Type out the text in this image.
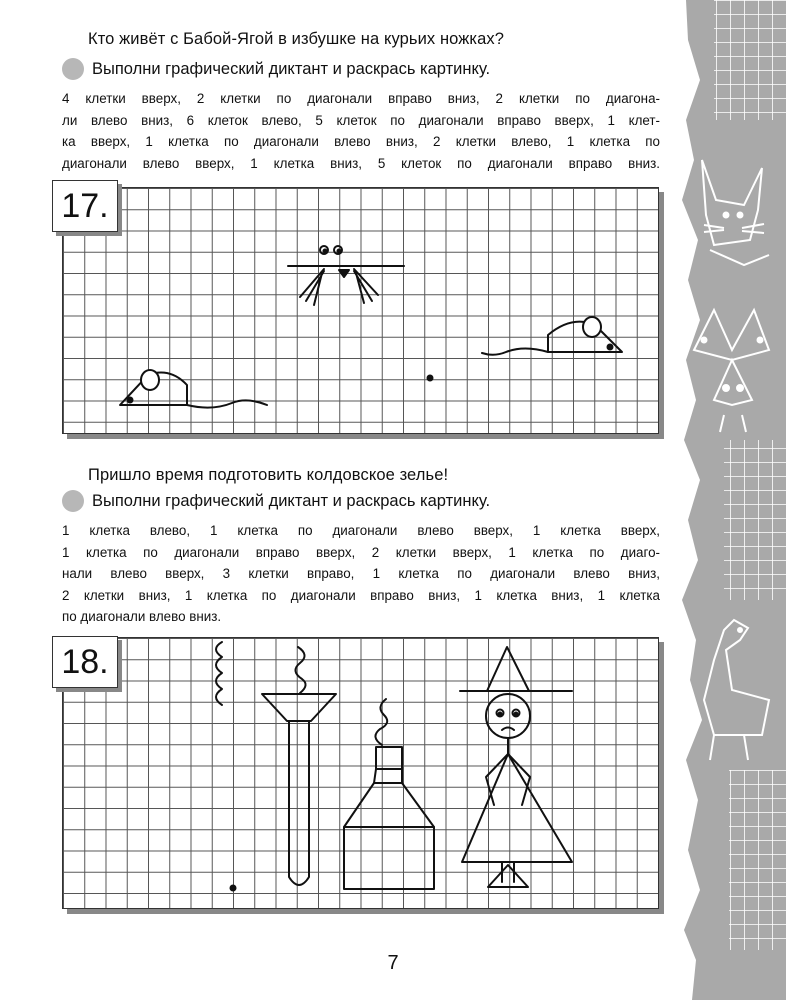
Кто живёт с Бабой-Ягой в избушке на курьих ножках?
Выполни графический диктант и раскрась картинку.
4 клетки вверх, 2 клетки по диагонали вправо вниз, 2 клетки по диагона-
ли влево вниз, 6 клеток влево, 5 клеток по диагонали вправо вверх, 1 клет-
ка вверх, 1 клетка по диагонали влево вниз, 2 клетки влево, 1 клетка по
диагонали влево вверх, 1 клетка вниз, 5 клеток по диагонали вправо вниз.
17.
Пришло время подготовить колдовское зелье!
Выполни графический диктант и раскрась картинку.
1 клетка влево, 1 клетка по диагонали влево вверх, 1 клетка вверх,
1 клетка по диагонали вправо вверх, 2 клетки вверх, 1 клетка по диаго-
нали влево вверх, 3 клетки вправо, 1 клетка по диагонали влево вниз,
2 клетки вниз, 1 клетка по диагонали вправо вниз, 1 клетка вниз, 1 клетка
по диагонали влево вниз.
18.
7
